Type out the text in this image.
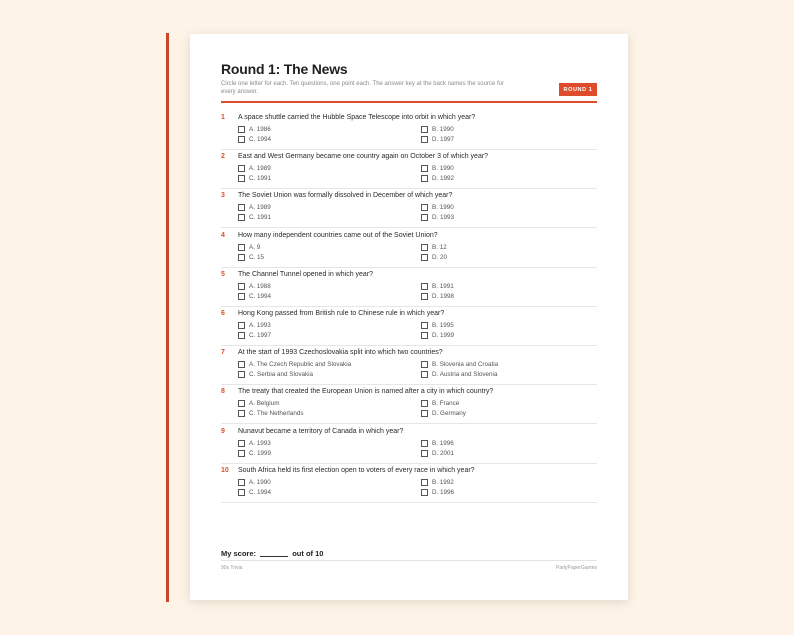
Round 1: The News
Circle one letter for each. Ten questions, one point each. The answer key at the back names the source for every answer.	ROUND 1
1 A space shuttle carried the Hubble Space Telescope into orbit in which year?
A. 1986	B. 1990
C. 1994	D. 1997
2 East and West Germany became one country again on October 3 of which year?
A. 1989	B. 1990
C. 1991	D. 1992
3 The Soviet Union was formally dissolved in December of which year?
A. 1989	B. 1990
C. 1991	D. 1993
4 How many independent countries came out of the Soviet Union?
A. 9	B. 12
C. 15	D. 20
5 The Channel Tunnel opened in which year?
A. 1988	B. 1991
C. 1994	D. 1998
6 Hong Kong passed from British rule to Chinese rule in which year?
A. 1993	B. 1995
C. 1997	D. 1999
7 At the start of 1993 Czechoslovakia split into which two countries?
A. The Czech Republic and Slovakia	B. Slovenia and Croatia
C. Serbia and Slovakia	D. Austria and Slovenia
8 The treaty that created the European Union is named after a city in which country?
A. Belgium	B. France
C. The Netherlands	D. Germany
9 Nunavut became a territory of Canada in which year?
A. 1993	B. 1996
C. 1999	D. 2001
10 South Africa held its first election open to voters of every race in which year?
A. 1990	B. 1992
C. 1994	D. 1996
My score:	out of 10
90s Trivia	PartyPaperGames
